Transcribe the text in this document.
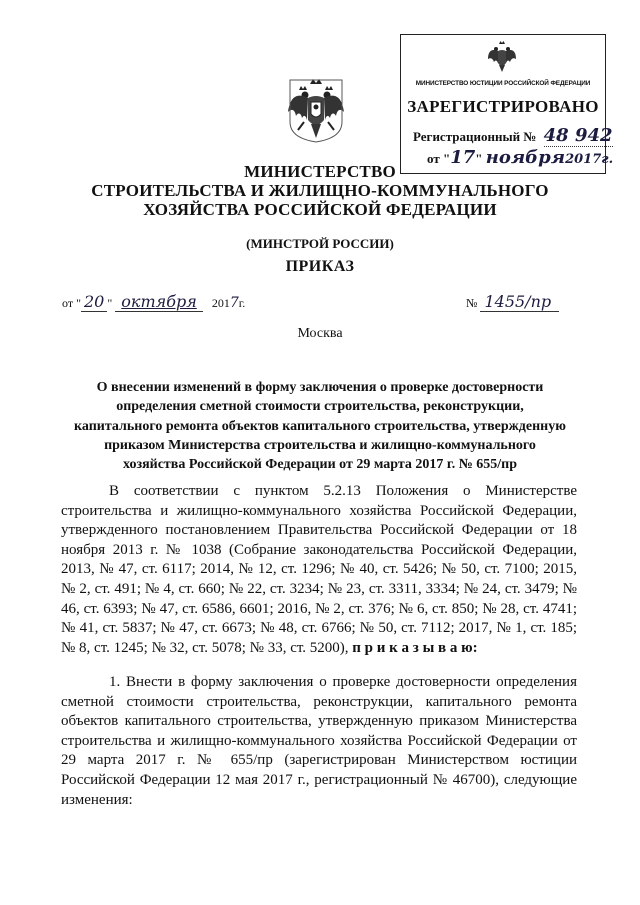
МИНИСТЕРСТВО ЮСТИЦИИ РОССИЙСКОЙ ФЕДЕРАЦИИ
ЗАРЕГИСТРИРОВАНО
Регистрационный № 48 942
от "17" ноября2017г.
МИНИСТЕРСТВО
СТРОИТЕЛЬСТВА И ЖИЛИЩНО-КОММУНАЛЬНОГО
ХОЗЯЙСТВА РОССИЙСКОЙ ФЕДЕРАЦИИ
(МИНСТРОЙ РОССИИ)
ПРИКАЗ
от " 20 " октября 2017г.	№ 1455/пр
Москва
О внесении изменений в форму заключения о проверке достоверности
определения сметной стоимости строительства, реконструкции,
капитального ремонта объектов капитального строительства, утвержденную
приказом Министерства строительства и жилищно-коммунального
хозяйства Российской Федерации от 29 марта 2017 г. № 655/пр
В соответствии с пунктом 5.2.13 Положения о Министерстве строительства и жилищно-коммунального хозяйства Российской Федерации, утвержденного постановлением Правительства Российской Федерации от 18 ноября 2013 г. № 1038 (Собрание законодательства Российской Федерации, 2013, № 47, ст. 6117; 2014, № 12, ст. 1296; № 40, ст. 5426; № 50, ст. 7100; 2015, № 2, ст. 491; № 4, ст. 660; № 22, ст. 3234; № 23, ст. 3311, 3334; № 24, ст. 3479; № 46, ст. 6393; № 47, ст. 6586, 6601; 2016, № 2, ст. 376; № 6, ст. 850; № 28, ст. 4741; № 41, ст. 5837; № 47, ст. 6673; № 48, ст. 6766; № 50, ст. 7112; 2017, № 1, ст. 185; № 8, ст. 1245; № 32, ст. 5078; № 33, ст. 5200), п р и к а з ы в а ю:
1. Внести в форму заключения о проверке достоверности определения сметной стоимости строительства, реконструкции, капитального ремонта объектов капитального строительства, утвержденную приказом Министерства строительства и жилищно-коммунального хозяйства Российской Федерации от 29 марта 2017 г. № 655/пр (зарегистрирован Министерством юстиции Российской Федерации 12 мая 2017 г., регистрационный № 46700), следующие изменения:
